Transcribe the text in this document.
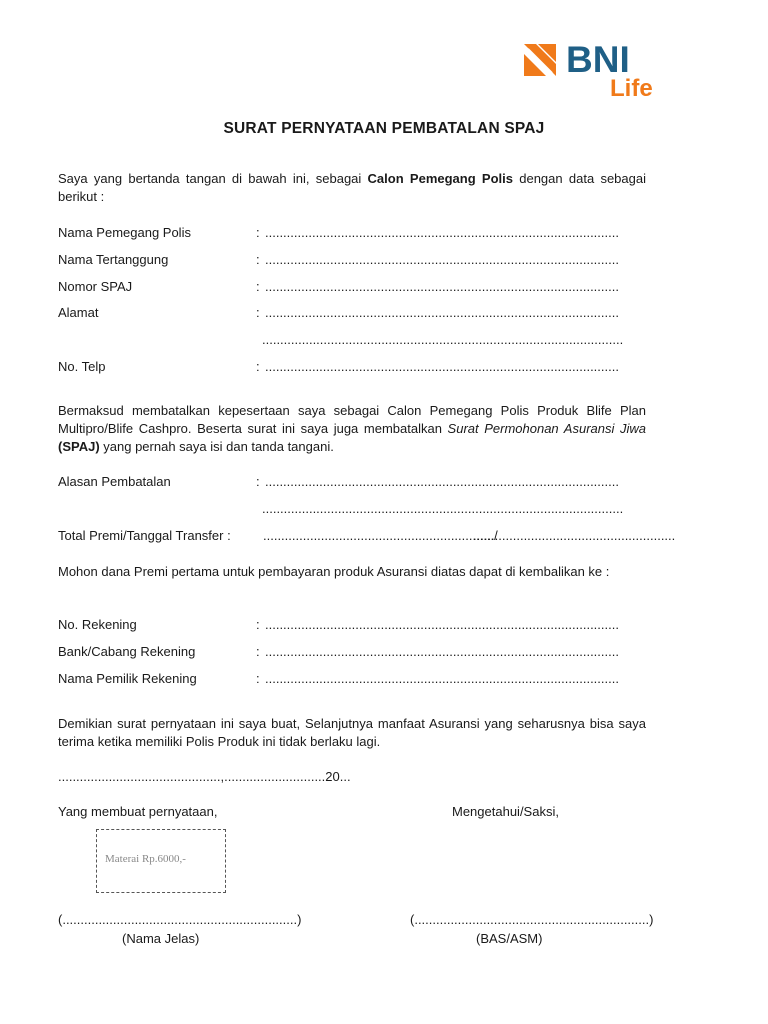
BNI
Life
SURAT PERNYATAAN PEMBATALAN SPAJ
Saya yang bertanda tangan di bawah ini, sebagai Calon Pemegang Polis dengan data sebagai berikut :
Nama Pemegang Polis	: ..................................................................................................
Nama Tertanggung	: ..................................................................................................
Nomor SPAJ	: ..................................................................................................
Alamat	: ..................................................................................................
....................................................................................................
No. Telp	: ..................................................................................................
Bermaksud membatalkan kepesertaan saya sebagai Calon Pemegang Polis Produk Blife Plan Multipro/Blife Cashpro. Beserta surat ini saya juga membatalkan Surat Permohonan Asuransi Jiwa (SPAJ) yang pernah saya isi dan tanda tangani.
Alasan Pembatalan	: ..................................................................................................
....................................................................................................
Total Premi/Tanggal Transfer : ................................................................/
........................................................
Mohon dana Premi pertama untuk pembayaran produk Asuransi diatas dapat di kembalikan ke :
No. Rekening	: ..................................................................................................
Bank/Cabang Rekening	: ..................................................................................................
Nama Pemilik Rekening	: ..................................................................................................
Demikian surat pernyataan ini saya buat, Selanjutnya manfaat Asuransi yang seharusnya bisa saya terima ketika memiliki Polis Produk ini tidak berlaku lagi.
.............................................,............................20...
Yang membuat pernyataan,	Mengetahui/Saksi,
Materai Rp.6000,-
(.................................................................)	(.................................................................)
(Nama Jelas)	(BAS/ASM)
